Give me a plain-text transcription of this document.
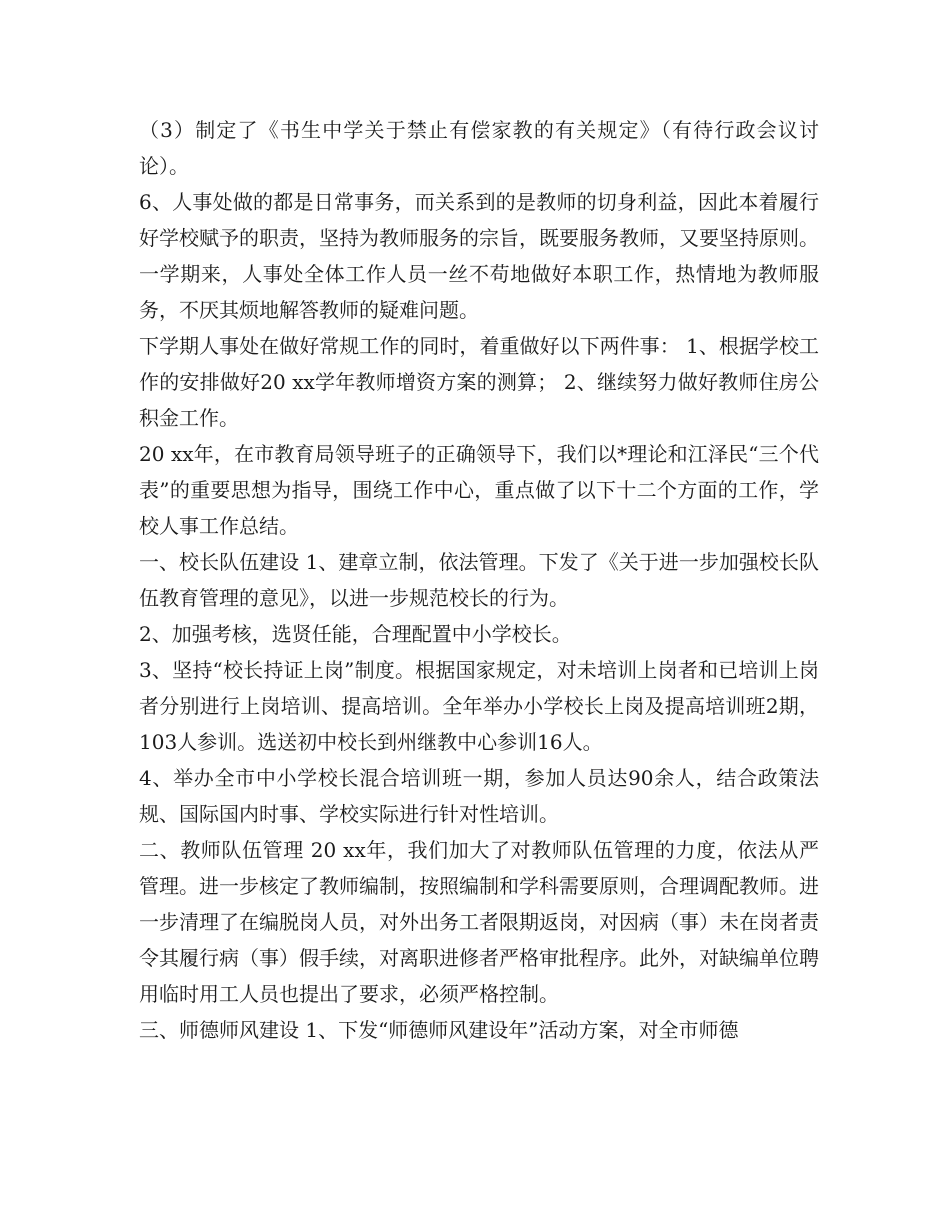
（3）制定了《书生中学关于禁止有偿家教的有关规定》（有待行政会议讨论）。

6、人事处做的都是日常事务，而关系到的是教师的切身利益，因此本着履行好学校赋予的职责，坚持为教师服务的宗旨，既要服务教师，又要坚持原则。一学期来，人事处全体工作人员一丝不苟地做好本职工作，热情地为教师服务，不厌其烦地解答教师的疑难问题。

下学期人事处在做好常规工作的同时，着重做好以下两件事： 1、根据学校工作的安排做好20 xx学年教师增资方案的测算； 2、继续努力做好教师住房公积金工作。

20 xx年，在市教育局领导班子的正确领导下，我们以*理论和江泽民“三个代表”的重要思想为指导，围绕工作中心，重点做了以下十二个方面的工作，学校人事工作总结。

一、校长队伍建设 1、建章立制，依法管理。下发了《关于进一步加强校长队伍教育管理的意见》，以进一步规范校长的行为。

2、加强考核，选贤任能，合理配置中小学校长。

3、坚持“校长持证上岗”制度。根据国家规定，对未培训上岗者和已培训上岗者分别进行上岗培训、提高培训。全年举办小学校长上岗及提高培训班2期，103人参训。选送初中校长到州继教中心参训16人。

4、举办全市中小学校长混合培训班一期，参加人员达90余人，结合政策法规、国际国内时事、学校实际进行针对性培训。

二、教师队伍管理 20 xx年，我们加大了对教师队伍管理的力度，依法从严管理。进一步核定了教师编制，按照编制和学科需要原则，合理调配教师。进一步清理了在编脱岗人员，对外出务工者限期返岗，对因病（事）未在岗者责令其履行病（事）假手续，对离职进修者严格审批程序。此外，对缺编单位聘用临时用工人员也提出了要求，必须严格控制。

三、师德师风建设 1、下发“师德师风建设年”活动方案，对全市师德
